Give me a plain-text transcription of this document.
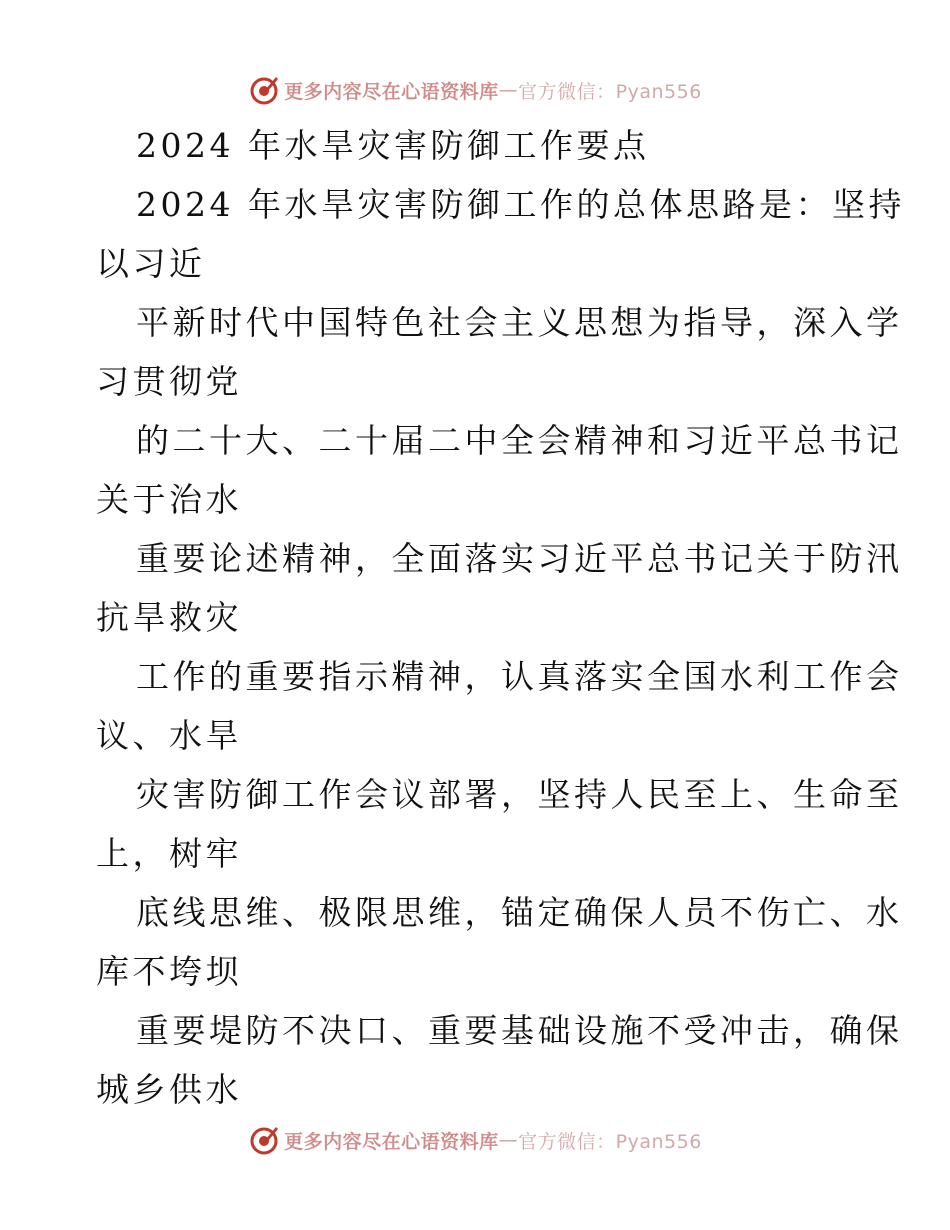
更多内容尽在心语资料库 — 官方微信：Pyan556
2024 年水旱灾害防御工作要点
2024 年水旱灾害防御工作的总体思路是：坚持
以习近
平新时代中国特色社会主义思想为指导，深入学
习贯彻党
的二十大、二十届二中全会精神和习近平总书记
关于治水
重要论述精神，全面落实习近平总书记关于防汛
抗旱救灾
工作的重要指示精神，认真落实全国水利工作会
议、水旱
灾害防御工作会议部署，坚持人民至上、生命至
上，树牢
底线思维、极限思维，锚定确保人员不伤亡、水
库不垮坝
重要堤防不决口、重要基础设施不受冲击，确保
城乡供水
更多内容尽在心语资料库 — 官方微信：Pyan556
